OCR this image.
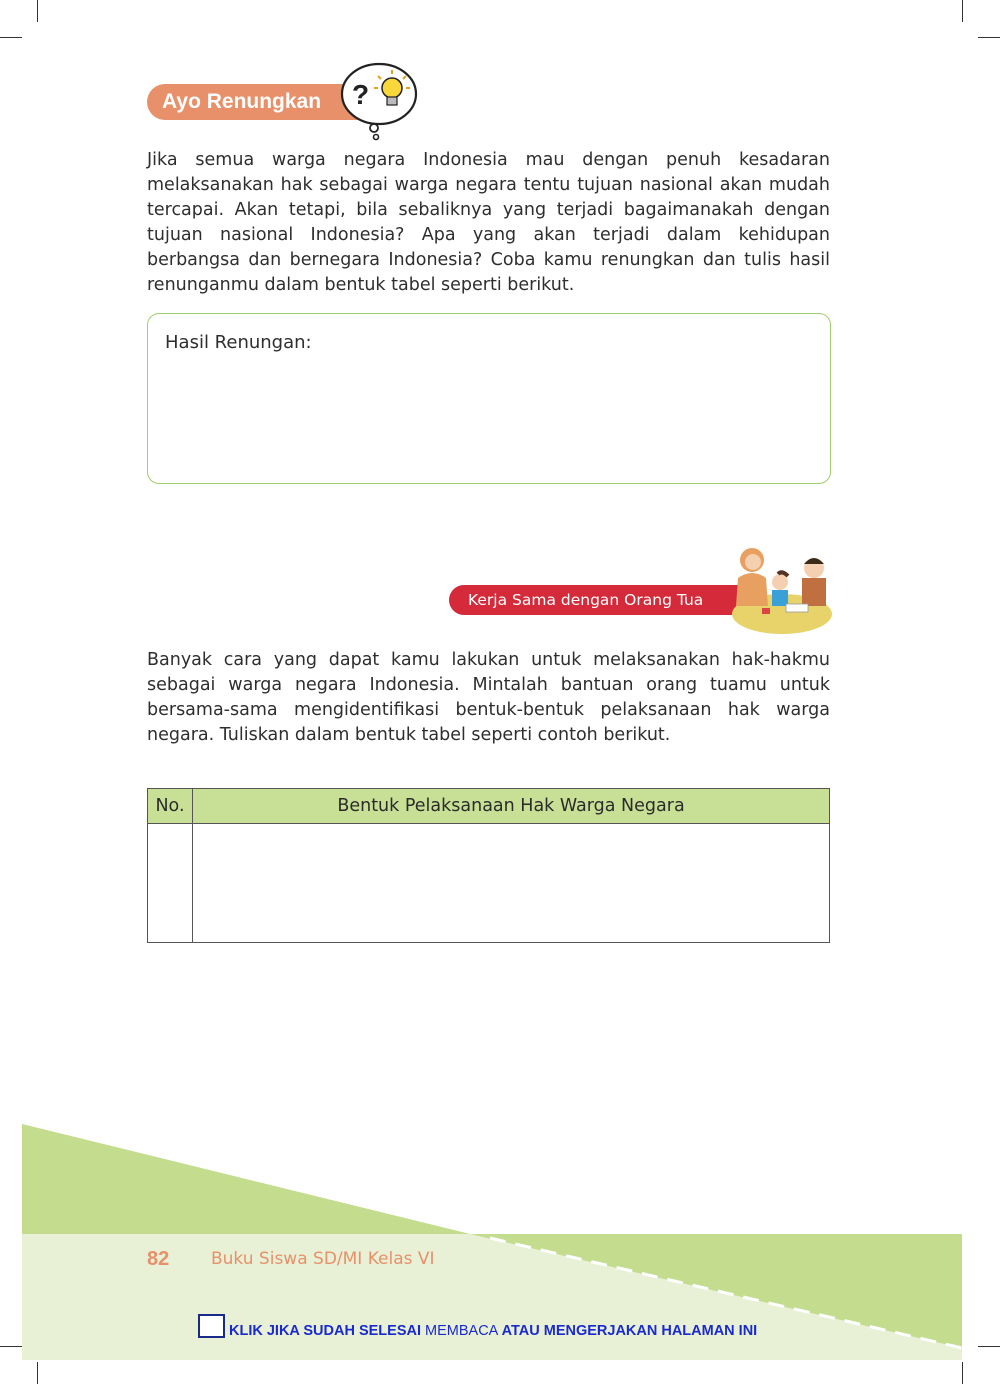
Ayo Renungkan	?

Jika semua warga negara Indonesia mau dengan penuh kesadaran melaksanakan hak sebagai warga negara tentu tujuan nasional akan mudah tercapai. Akan tetapi, bila sebaliknya yang terjadi bagaimanakah dengan tujuan nasional Indonesia? Apa yang akan terjadi dalam kehidupan berbangsa dan bernegara Indonesia? Coba kamu renungkan dan tulis hasil renunganmu dalam bentuk tabel seperti berikut.

Hasil Renungan:
Kerja Sama dengan Orang Tua

Banyak cara yang dapat kamu lakukan untuk melaksanakan hak-hakmu sebagai warga negara Indonesia. Mintalah bantuan orang tuamu untuk bersama-sama mengidentifikasi bentuk-bentuk pelaksanaan hak warga negara. Tuliskan dalam bentuk tabel seperti contoh berikut.

No.	Bentuk Pelaksanaan Hak Warga Negara

82 Buku Siswa SD/MI Kelas VI
KLIK JIKA SUDAH SELESAI MEMBACA ATAU MENGERJAKAN HALAMAN INI
